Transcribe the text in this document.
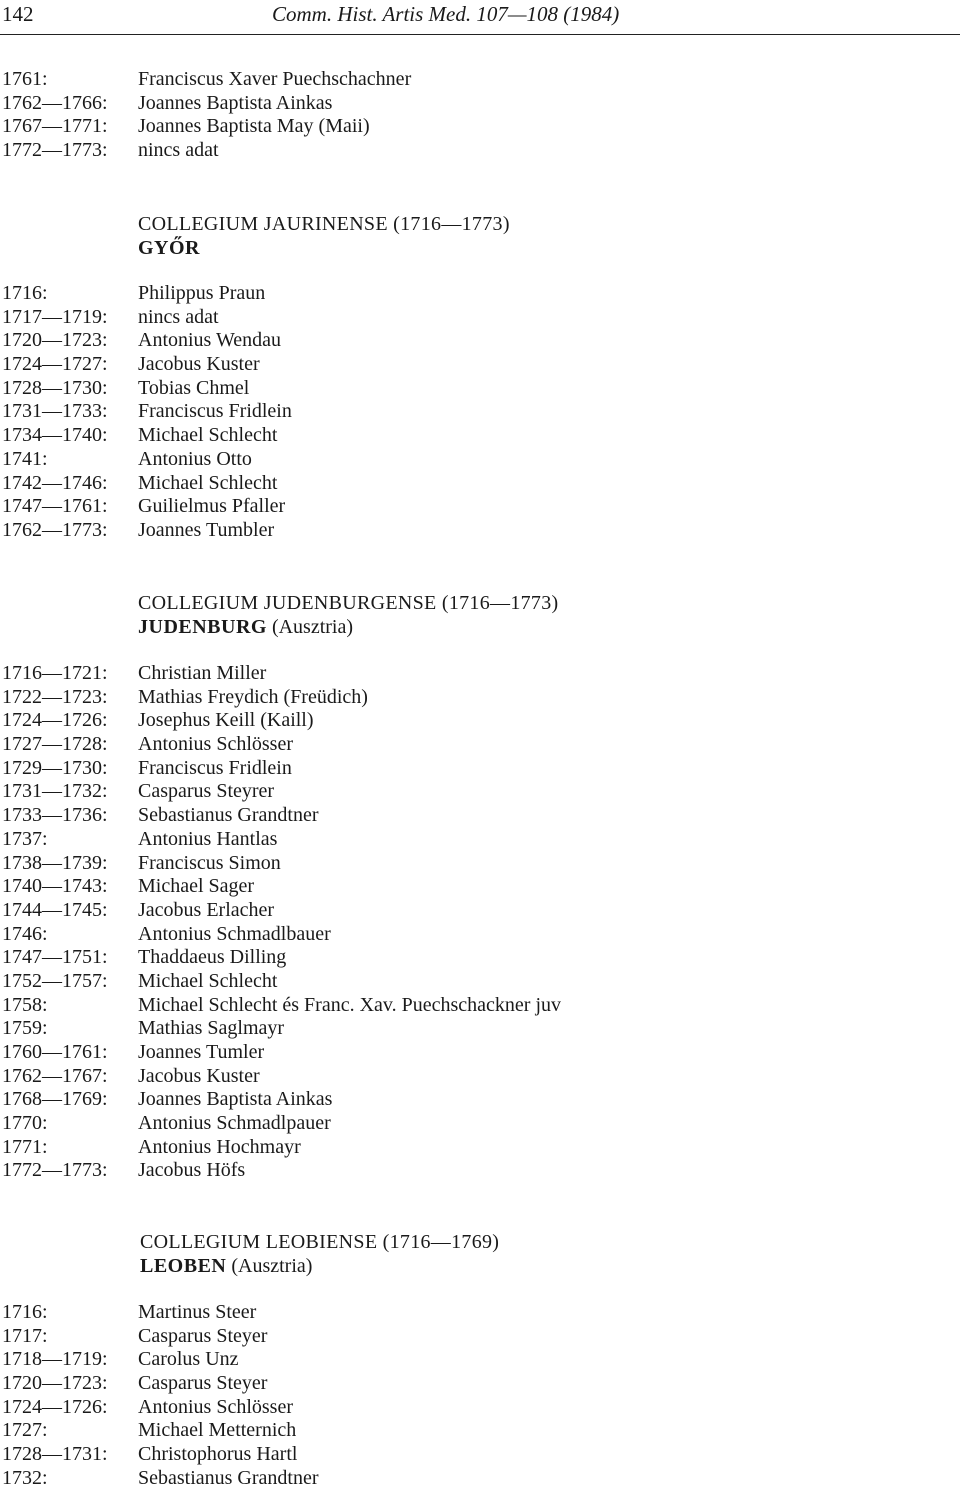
142	Comm. Hist. Artis Med. 107—108 (1984)
1761:	Franciscus Xaver Puechschachner
1762—1766:	Joannes Baptista Ainkas
1767—1771:	Joannes Baptista May (Maii)
1772—1773:	nincs adat
COLLEGIUM JAURINENSE (1716—1773)
GYŐR
1716:	Philippus Praun
1717—1719:	nincs adat
1720—1723:	Antonius Wendau
1724—1727:	Jacobus Kuster
1728—1730:	Tobias Chmel
1731—1733:	Franciscus Fridlein
1734—1740:	Michael Schlecht
1741:	Antonius Otto
1742—1746:	Michael Schlecht
1747—1761:	Guilielmus Pfaller
1762—1773:	Joannes Tumbler
COLLEGIUM JUDENBURGENSE (1716—1773)
JUDENBURG (Ausztria)
1716—1721:	Christian Miller
1722—1723:	Mathias Freydich (Freüdich)
1724—1726:	Josephus Keill (Kaill)
1727—1728:	Antonius Schlösser
1729—1730:	Franciscus Fridlein
1731—1732:	Casparus Steyrer
1733—1736:	Sebastianus Grandtner
1737:	Antonius Hantlas
1738—1739:	Franciscus Simon
1740—1743:	Michael Sager
1744—1745:	Jacobus Erlacher
1746:	Antonius Schmadlbauer
1747—1751:	Thaddaeus Dilling
1752—1757:	Michael Schlecht
1758:	Michael Schlecht és Franc. Xav. Puechschackner juv
1759:	Mathias Saglmayr
1760—1761:	Joannes Tumler
1762—1767:	Jacobus Kuster
1768—1769:	Joannes Baptista Ainkas
1770:	Antonius Schmadlpauer
1771:	Antonius Hochmayr
1772—1773:	Jacobus Höfs
COLLEGIUM LEOBIENSE (1716—1769)
LEOBEN (Ausztria)
1716:	Martinus Steer
1717:	Casparus Steyer
1718—1719:	Carolus Unz
1720—1723:	Casparus Steyer
1724—1726:	Antonius Schlösser
1727:	Michael Metternich
1728—1731:	Christophorus Hartl
1732:	Sebastianus Grandtner
